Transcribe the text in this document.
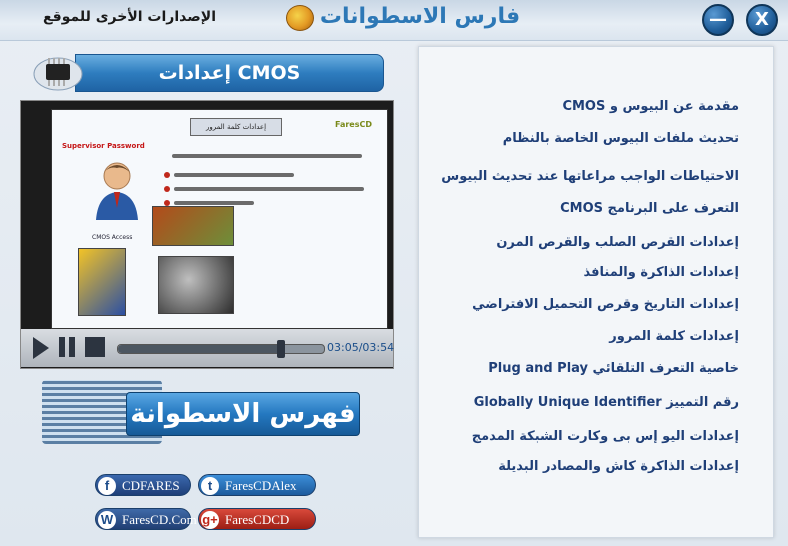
الإصدارات الأخرى للموقع	فارس الاسطوانات	—	X
إعدادات CMOS
إعدادات كلمة المرور	FaresCD
Supervisor Password
CMOS Access
03:05/03:54
فهرس الاسطوانة
f CDFARES	t FaresCDAlex
W FaresCD.Com g+ FaresCDCD
مقدمة عن البيوس و CMOS
تحديث ملفات البيوس الخاصة بالنظام
الاحتياطات الواجب مراعاتها عند تحديث البيوس
التعرف على البرنامج CMOS
إعدادات القرص الصلب والقرص المرن
إعدادات الذاكرة والمنافذ
إعدادات التاريخ وقرص التحميل الافتراضي
إعدادات كلمة المرور
خاصية التعرف التلقائي Plug and Play
رقم التمييز Globally Unique Identifier
إعدادات اليو إس بى وكارت الشبكة المدمج
إعدادات الذاكرة كاش والمصادر البديلة
